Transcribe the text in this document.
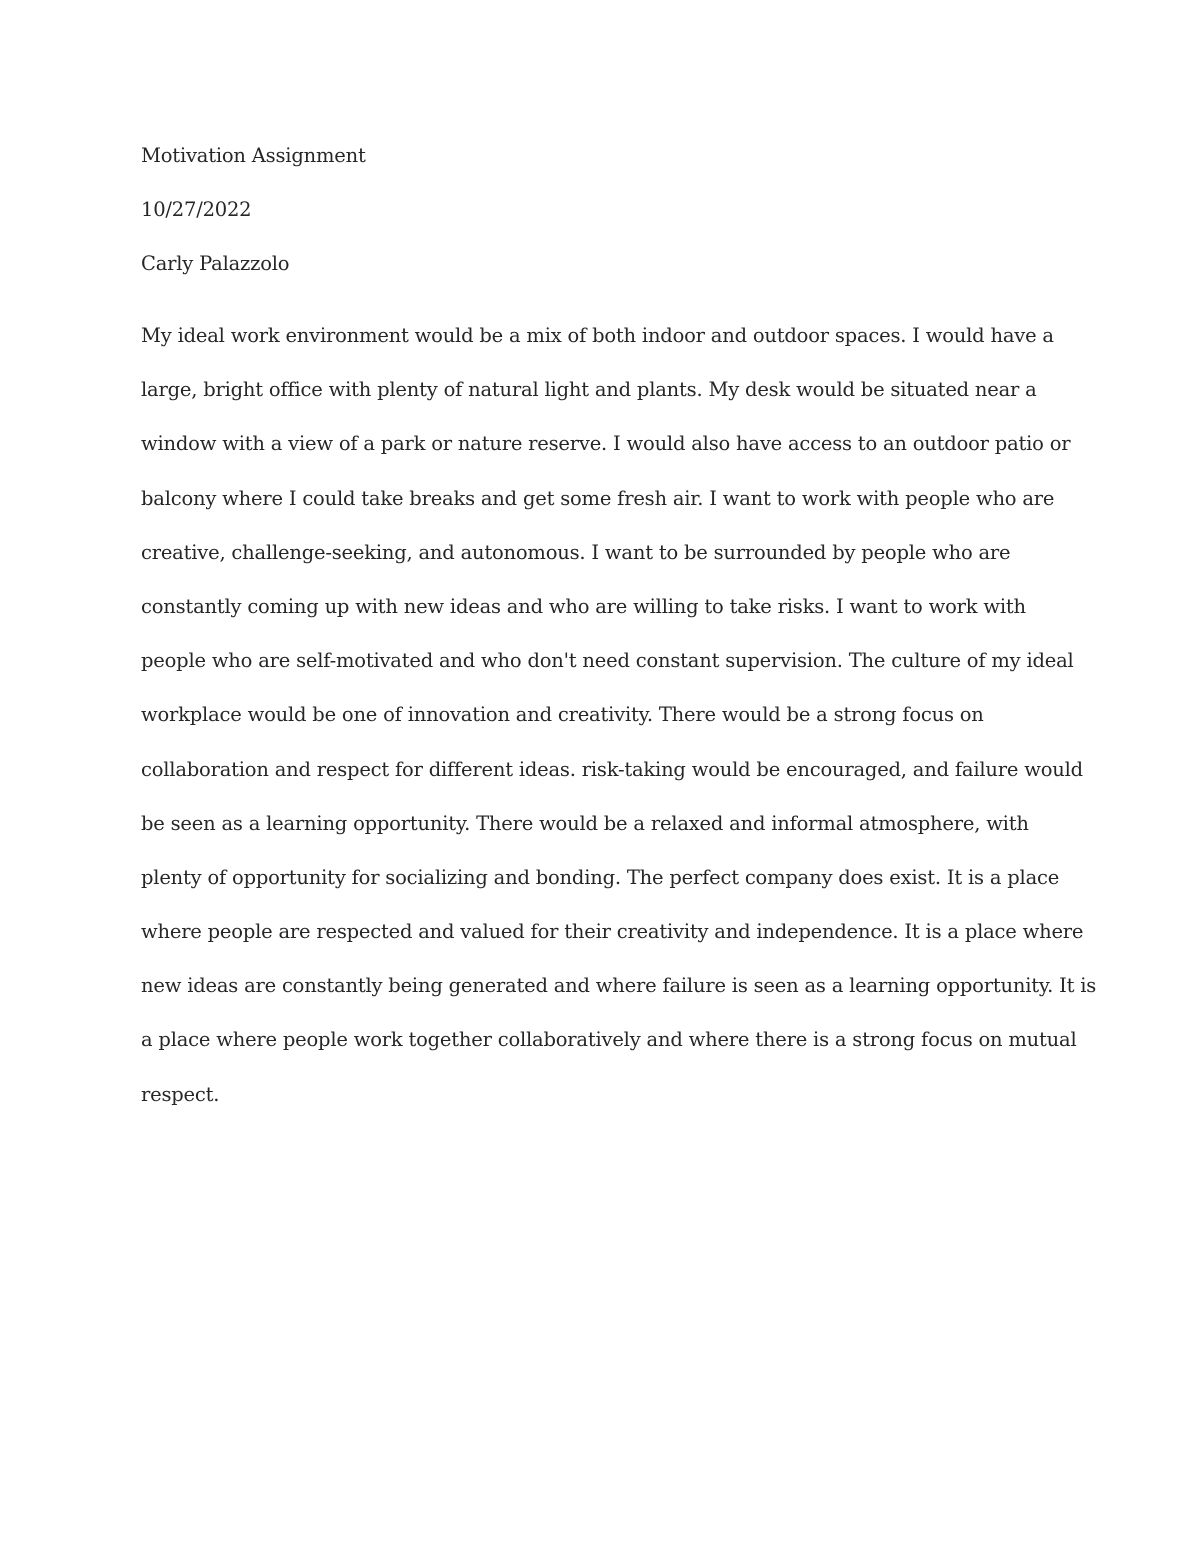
Motivation Assignment
10/27/2022
Carly Palazzolo
My ideal work environment would be a mix of both indoor and outdoor spaces. I would have a
large, bright office with plenty of natural light and plants. My desk would be situated near a
window with a view of a park or nature reserve. I would also have access to an outdoor patio or
balcony where I could take breaks and get some fresh air. I want to work with people who are
creative, challenge-seeking, and autonomous. I want to be surrounded by people who are
constantly coming up with new ideas and who are willing to take risks. I want to work with
people who are self-motivated and who don't need constant supervision. The culture of my ideal
workplace would be one of innovation and creativity. There would be a strong focus on
collaboration and respect for different ideas. risk-taking would be encouraged, and failure would
be seen as a learning opportunity. There would be a relaxed and informal atmosphere, with
plenty of opportunity for socializing and bonding. The perfect company does exist. It is a place
where people are respected and valued for their creativity and independence. It is a place where
new ideas are constantly being generated and where failure is seen as a learning opportunity. It is
a place where people work together collaboratively and where there is a strong focus on mutual
respect.
